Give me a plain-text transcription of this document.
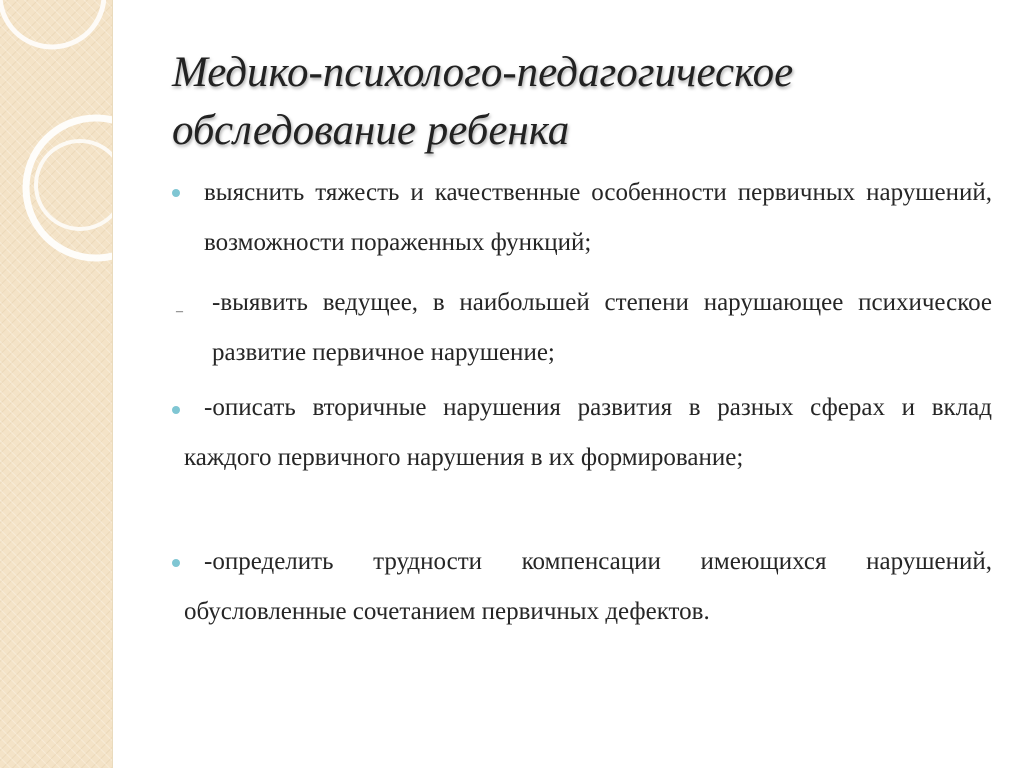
Медико-психолого-педагогическое обследование ребенка

выяснить тяжесть и качественные особенности первичных нарушений, возможности пораженных функций;

– -выявить ведущее, в наибольшей степени нарушающее психическое развитие первичное нарушение;

-описать вторичные нарушения развития в разных сферах и вклад каждого первичного нарушения в их формирование;

-определить трудности компенсации имеющихся нарушений, обусловленные сочетанием первичных дефектов.
